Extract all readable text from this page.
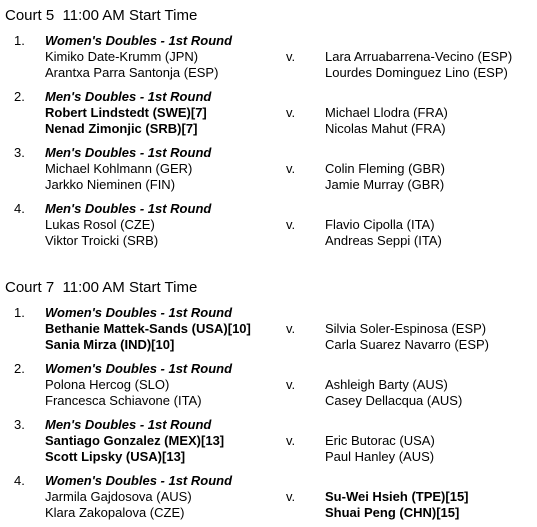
Court 5  11:00 AM Start Time
1. Women's Doubles - 1st Round
Kimiko Date-Krumm (JPN)
Arantxa Parra Santonja (ESP)
v. Lara Arruabarrena-Vecino (ESP)
Lourdes Dominguez Lino (ESP)
2. Men's Doubles - 1st Round
Robert Lindstedt (SWE)[7]
Nenad Zimonjic (SRB)[7]
v. Michael Llodra (FRA)
Nicolas Mahut (FRA)
3. Men's Doubles - 1st Round
Michael Kohlmann (GER)
Jarkko Nieminen (FIN)
v. Colin Fleming (GBR)
Jamie Murray (GBR)
4. Men's Doubles - 1st Round
Lukas Rosol (CZE)
Viktor Troicki (SRB)
v. Flavio Cipolla (ITA)
Andreas Seppi (ITA)
Court 7  11:00 AM Start Time
1. Women's Doubles - 1st Round
Bethanie Mattek-Sands (USA)[10]
Sania Mirza (IND)[10]
v. Silvia Soler-Espinosa (ESP)
Carla Suarez Navarro (ESP)
2. Women's Doubles - 1st Round
Polona Hercog (SLO)
Francesca Schiavone (ITA)
v. Ashleigh Barty (AUS)
Casey Dellacqua (AUS)
3. Men's Doubles - 1st Round
Santiago Gonzalez (MEX)[13]
Scott Lipsky (USA)[13]
v. Eric Butorac (USA)
Paul Hanley (AUS)
4. Women's Doubles - 1st Round
Jarmila Gajdosova (AUS)
Klara Zakopalova (CZE)
v. Su-Wei Hsieh (TPE)[15]
Shuai Peng (CHN)[15]
